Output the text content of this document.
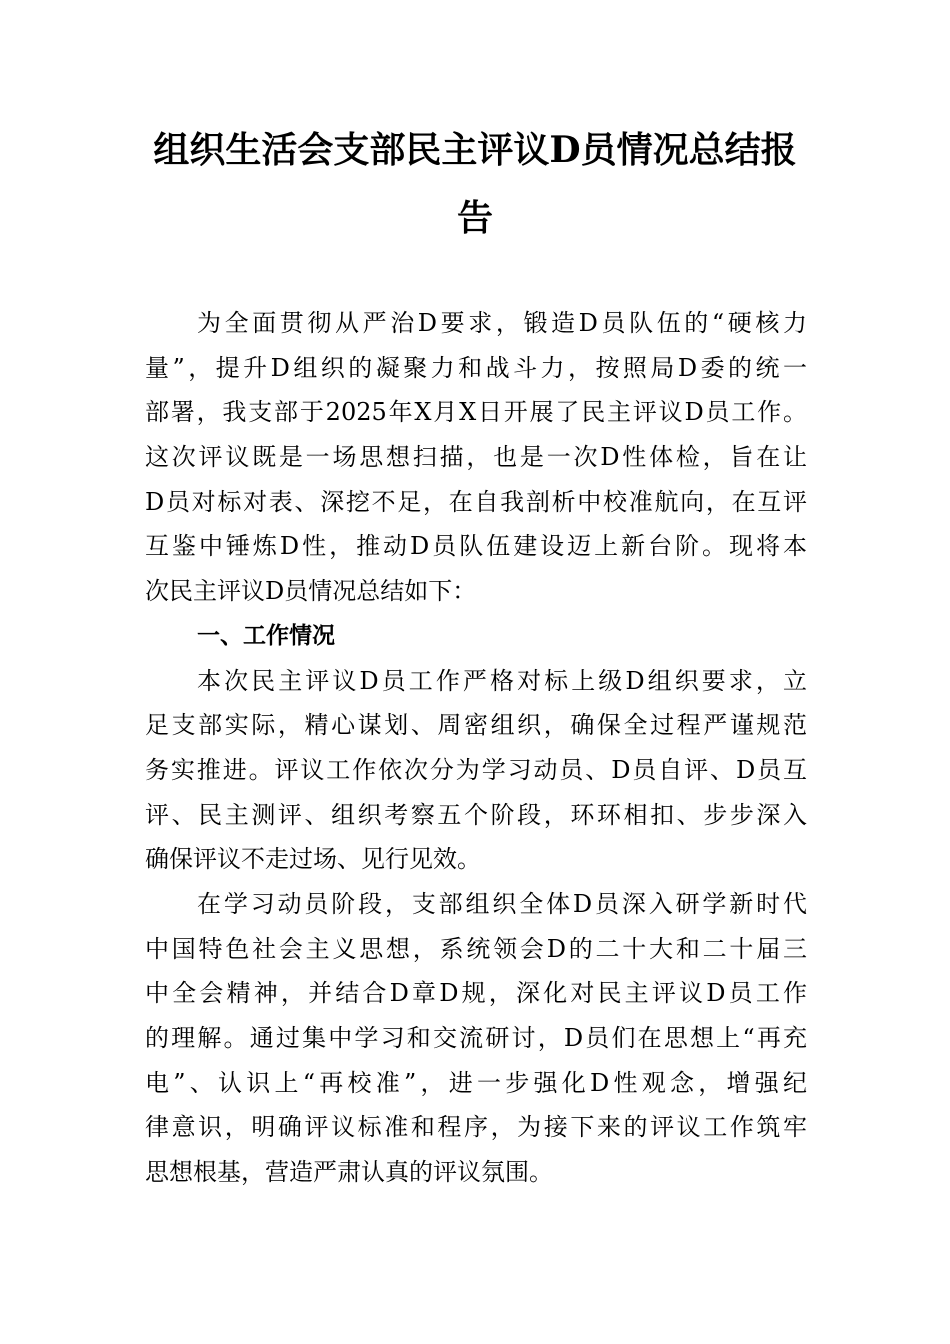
组织生活会支部民主评议D员情况总结报
告
为全面贯彻从严治D要求，锻造D员队伍的“硬核力
量”，提升D组织的凝聚力和战斗力，按照局D委的统一
部署，我支部于2025年X月X日开展了民主评议D员工作。
这次评议既是一场思想扫描，也是一次D性体检，旨在让
D员对标对表、深挖不足，在自我剖析中校准航向，在互评
互鉴中锤炼D性，推动D员队伍建设迈上新台阶。现将本
次民主评议D员情况总结如下：
一、工作情况
本次民主评议D员工作严格对标上级D组织要求，立
足支部实际，精心谋划、周密组织，确保全过程严谨规范
务实推进。评议工作依次分为学习动员、D员自评、D员互
评、民主测评、组织考察五个阶段，环环相扣、步步深入
确保评议不走过场、见行见效。
在学习动员阶段，支部组织全体D员深入研学新时代
中国特色社会主义思想，系统领会D的二十大和二十届三
中全会精神，并结合D章D规，深化对民主评议D员工作
的理解。通过集中学习和交流研讨，D员们在思想上“再充
电”、认识上“再校准”，进一步强化D性观念，增强纪
律意识，明确评议标准和程序，为接下来的评议工作筑牢
思想根基，营造严肃认真的评议氛围。
